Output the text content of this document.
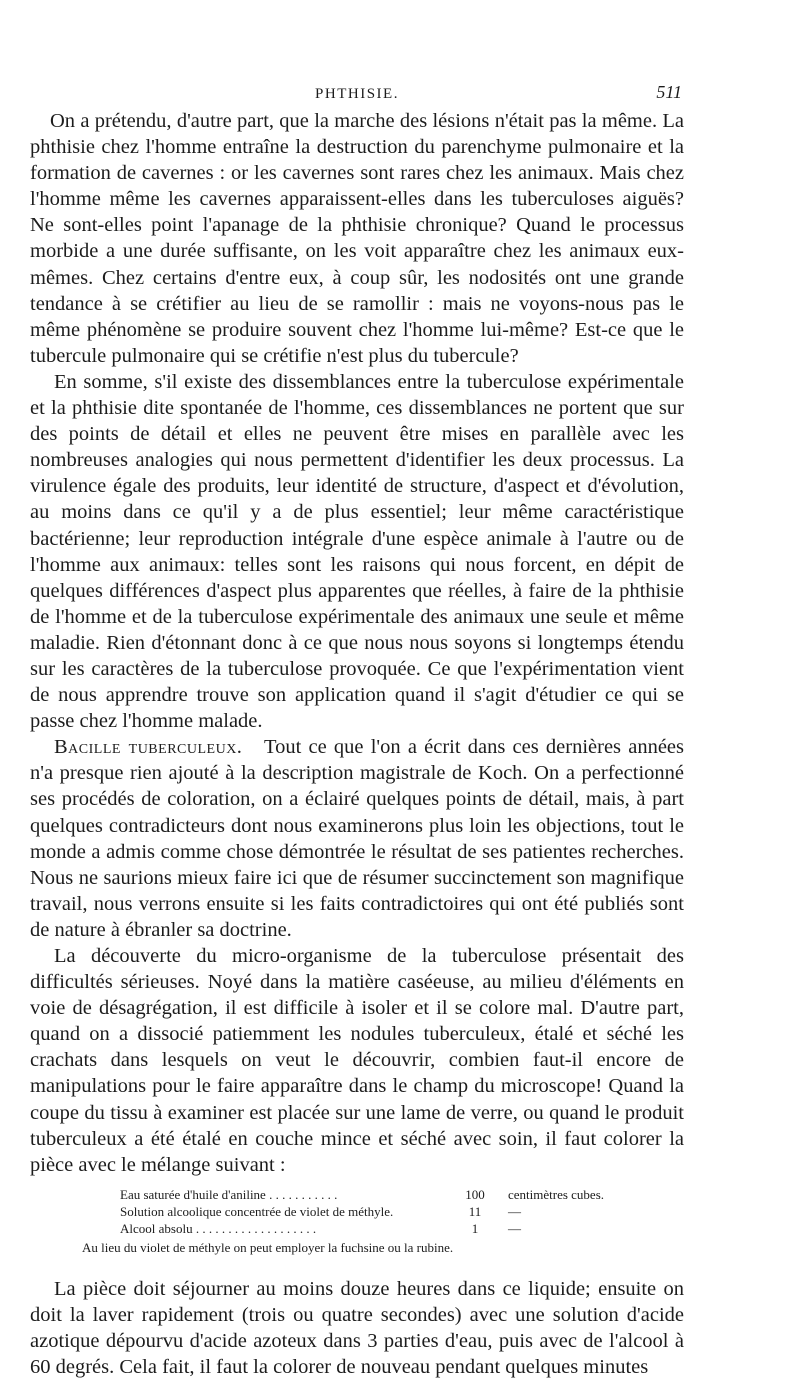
PHTHISIE.	511

On a prétendu, d'autre part, que la marche des lésions n'était pas la même. La phthisie chez l'homme entraîne la destruction du parenchyme pulmonaire et la formation de cavernes : or les cavernes sont rares chez les animaux. Mais chez l'homme même les cavernes apparaissent-elles dans les tuberculoses aiguës? Ne sont-elles point l'apanage de la phthisie chronique? Quand le processus morbide a une durée suffisante, on les voit apparaître chez les animaux eux-mêmes. Chez certains d'entre eux, à coup sûr, les nodosités ont une grande tendance à se crétifier au lieu de se ramollir : mais ne voyons-nous pas le même phénomène se produire souvent chez l'homme lui-même? Est-ce que le tubercule pulmonaire qui se crétifie n'est plus du tubercule?

En somme, s'il existe des dissemblances entre la tuberculose expérimentale et la phthisie dite spontanée de l'homme, ces dissemblances ne portent que sur des points de détail et elles ne peuvent être mises en parallèle avec les nombreuses analogies qui nous permettent d'identifier les deux processus. La virulence égale des produits, leur identité de structure, d'aspect et d'évolution, au moins dans ce qu'il y a de plus essentiel; leur même caractéristique bactérienne; leur reproduction intégrale d'une espèce animale à l'autre ou de l'homme aux animaux: telles sont les raisons qui nous forcent, en dépit de quelques différences d'aspect plus apparentes que réelles, à faire de la phthisie de l'homme et de la tuberculose expérimentale des animaux une seule et même maladie. Rien d'étonnant donc à ce que nous nous soyons si longtemps étendu sur les caractères de la tuberculose provoquée. Ce que l'expérimentation vient de nous apprendre trouve son application quand il s'agit d'étudier ce qui se passe chez l'homme malade.

Bacille tuberculeux. Tout ce que l'on a écrit dans ces dernières années n'a presque rien ajouté à la description magistrale de Koch. On a perfectionné ses procédés de coloration, on a éclairé quelques points de détail, mais, à part quelques contradicteurs dont nous examinerons plus loin les objections, tout le monde a admis comme chose démontrée le résultat de ses patientes recherches. Nous ne saurions mieux faire ici que de résumer succinctement son magnifique travail, nous verrons ensuite si les faits contradictoires qui ont été publiés sont de nature à ébranler sa doctrine.

La découverte du micro-organisme de la tuberculose présentait des difficultés sérieuses. Noyé dans la matière caséeuse, au milieu d'éléments en voie de désagrégation, il est difficile à isoler et il se colore mal. D'autre part, quand on a dissocié patiemment les nodules tuberculeux, étalé et séché les crachats dans lesquels on veut le découvrir, combien faut-il encore de manipulations pour le faire apparaître dans le champ du microscope! Quand la coupe du tissu à examiner est placée sur une lame de verre, ou quand le produit tuberculeux a été étalé en couche mince et séché avec soin, il faut colorer la pièce avec le mélange suivant :

Eau saturée d'huile d'aniline . . . . . . . . . . .	100	centimètres cubes.
Solution alcoolique concentrée de violet de méthyle.	11	—
Alcool absolu . . . . . . . . . . . . . . . . . . .	1	—
Au lieu du violet de méthyle on peut employer la fuchsine ou la rubine.

La pièce doit séjourner au moins douze heures dans ce liquide; ensuite on doit la laver rapidement (trois ou quatre secondes) avec une solution d'acide azotique dépourvu d'acide azoteux dans 3 parties d'eau, puis avec de l'alcool à 60 degrés. Cela fait, il faut la colorer de nouveau pendant quelques minutes
